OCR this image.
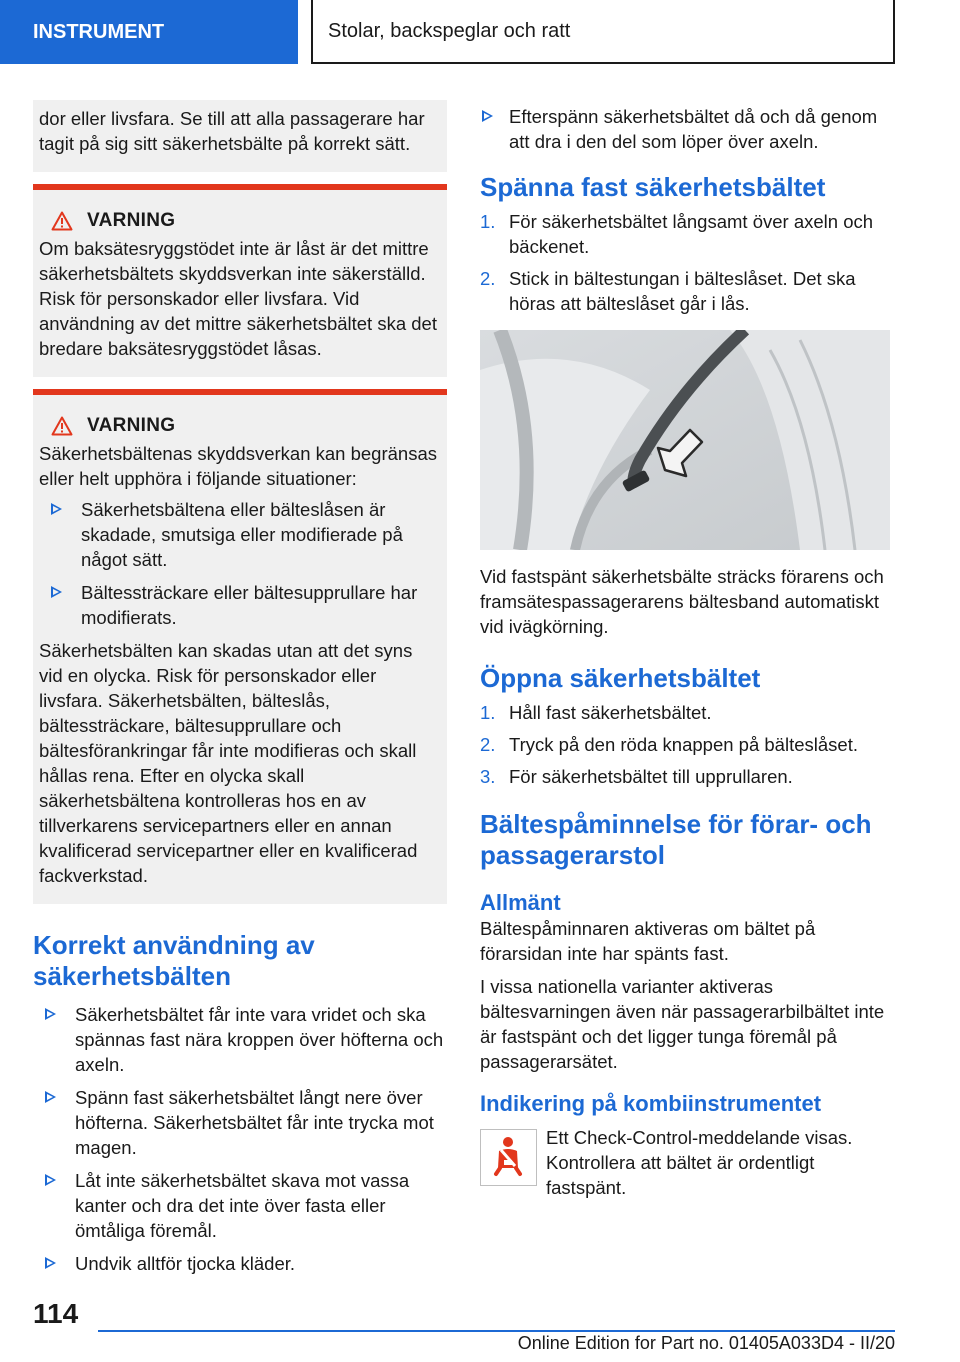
INSTRUMENT	Stolar, backspeglar och ratt

dor eller livsfara. Se till att alla passagerare har tagit på sig sitt säkerhetsbälte på korrekt sätt.

VARNING

Om baksätesryggstödet inte är låst är det mittre säkerhetsbältets skyddsverkan inte säkerställd. Risk för personskador eller livsfara. Vid användning av det mittre säkerhetsbältet ska det bredare baksätesryggstödet låsas.

VARNING

Säkerhetsbältenas skyddsverkan kan begränsas eller helt upphöra i följande situationer:

Säkerhetsbältena eller bälteslåsen är skadade, smutsiga eller modifierade på något sätt.
Bältessträckare eller bältesupprullare har modifierats.

Säkerhetsbälten kan skadas utan att det syns vid en olycka. Risk för personskador eller livsfara. Säkerhetsbälten, bälteslås, bältessträckare, bältesupprullare och bältesförankringar får inte modifieras och skall hållas rena. Efter en olycka skall säkerhetsbältena kontrolleras hos en av tillverkarens servicepartners eller en annan kvalificerad servicepartner eller en kvalificerad fackverkstad.

Korrekt användning av säkerhetsbälten
Säkerhetsbältet får inte vara vridet och ska spännas fast nära kroppen över höfterna och axeln.
Spänn fast säkerhetsbältet långt nere över höfterna. Säkerhetsbältet får inte trycka mot magen.
Låt inte säkerhetsbältet skava mot vassa kanter och dra det inte över fasta eller ömtåliga föremål.
Undvik alltför tjocka kläder.
Efterspänn säkerhetsbältet då och då genom att dra i den del som löper över axeln.
Spänna fast säkerhetsbältet
1. För säkerhetsbältet långsamt över axeln och bäckenet.
2. Stick in bältestungan i bälteslåset. Det ska höras att bälteslåset går i lås.

Vid fastspänt säkerhetsbälte sträcks förarens och framsätespassagerarens bältesband automatiskt vid ivägkörning.

Öppna säkerhetsbältet
1. Håll fast säkerhetsbältet.
2. Tryck på den röda knappen på bälteslåset.
3. För säkerhetsbältet till upprullaren.
Bältespåminnelse för förar- och passagerarstol
Allmänt

Bältespåminnaren aktiveras om bältet på förarsidan inte har spänts fast.

I vissa nationella varianter aktiveras bältesvarningen även när passagerarbilbältet inte är fastspänt och det ligger tunga föremål på passagerarsätet.

Indikering på kombiinstrumentet

Ett Check-Control-meddelande visas. Kontrollera att bältet är ordentligt fastspänt.

114
Online Edition for Part no. 01405A033D4 - II/20
